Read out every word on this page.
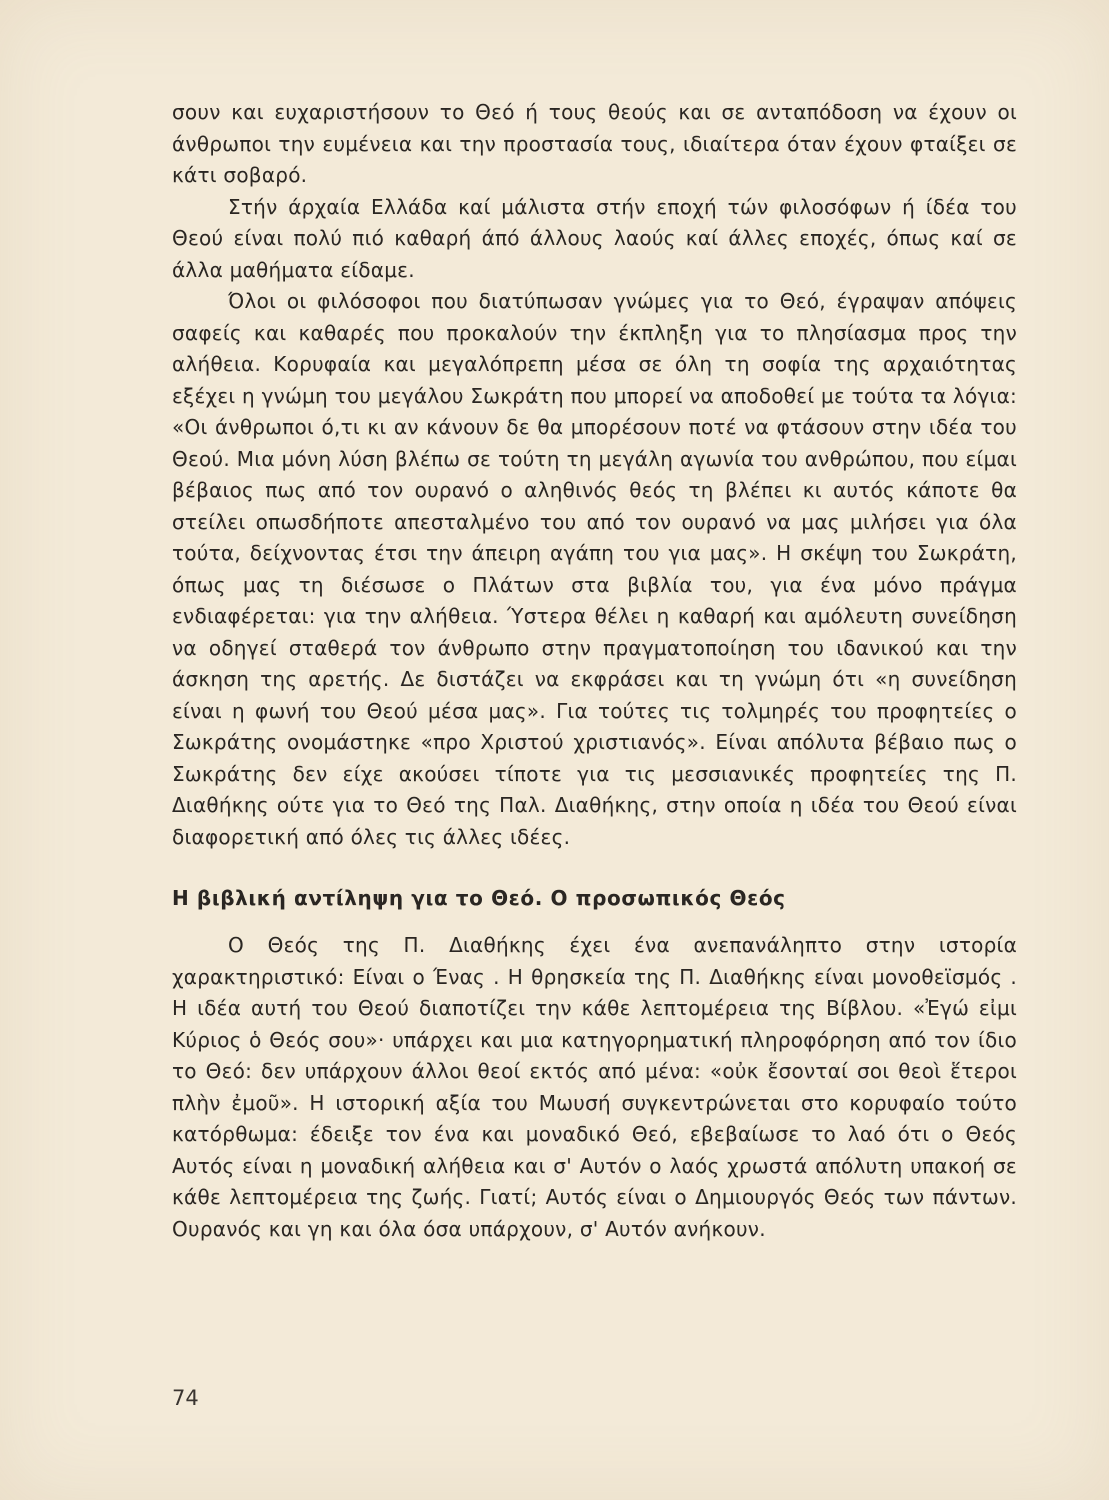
σουν και ευχαριστήσουν το Θεό ή τους θεούς και σε ανταπόδοση να έχουν οι άνθρωποι την ευμένεια και την προστασία τους, ιδιαίτερα όταν έχουν φταίξει σε κάτι σοβαρό.

Στήν άρχαία Ελλάδα καί μάλιστα στήν εποχή τών φιλοσόφων ή ίδέα του Θεού είναι πολύ πιό καθαρή άπό άλλους λαούς καί άλλες εποχές, όπως καί σε άλλα μαθήματα είδαμε.

Όλοι οι φιλόσοφοι που διατύπωσαν γνώμες για το Θεό, έγραψαν απόψεις σαφείς και καθαρές που προκαλούν την έκπληξη για το πλησίασμα προς την αλήθεια. Κορυφαία και μεγαλόπρεπη μέσα σε όλη τη σοφία της αρχαιότητας εξέχει η γνώμη του μεγάλου Σωκράτη που μπορεί να αποδοθεί με τούτα τα λόγια: «Οι άνθρωποι ό,τι κι αν κάνουν δε θα μπορέσουν ποτέ να φτάσουν στην ιδέα του Θεού. Μια μόνη λύση βλέπω σε τούτη τη μεγάλη αγωνία του ανθρώπου, που είμαι βέβαιος πως από τον ουρανό ο αληθινός θεός τη βλέπει κι αυτός κάποτε θα στείλει οπωσδήποτε απεσταλμένο του από τον ουρανό να μας μιλήσει για όλα τούτα, δείχνοντας έτσι την άπειρη αγάπη του για μας». Η σκέψη του Σωκράτη, όπως μας τη διέσωσε ο Πλάτων στα βιβλία του, για ένα μόνο πράγμα ενδιαφέρεται: για την αλήθεια. Ύστερα θέλει η καθαρή και αμόλευτη συνείδηση να οδηγεί σταθερά τον άνθρωπο στην πραγματοποίηση του ιδανικού και την άσκηση της αρετής. Δε διστάζει να εκφράσει και τη γνώμη ότι «η συνείδηση είναι η φωνή του Θεού μέσα μας». Για τούτες τις τολμηρές του προφητείες ο Σωκράτης ονομάστηκε «προ Χριστού χριστιανός». Είναι απόλυτα βέβαιο πως ο Σωκράτης δεν είχε ακούσει τίποτε για τις μεσσιανικές προφητείες της Π. Διαθήκης ούτε για το Θεό της Παλ. Διαθήκης, στην οποία η ιδέα του Θεού είναι διαφορετική από όλες τις άλλες ιδέες.

Η βιβλική αντίληψη για το Θεό. Ο προσωπικός Θεός

Ο Θεός της Π. Διαθήκης έχει ένα ανεπανάληπτο στην ιστορία χαρακτηριστικό: Είναι ο Ένας . Η θρησκεία της Π. Διαθήκης είναι μονοθεϊσμός . Η ιδέα αυτή του Θεού διαποτίζει την κάθε λεπτομέρεια της Βίβλου. «Ἐγώ εἰμι Κύριος ὁ Θεός σου»· υπάρχει και μια κατηγορηματική πληροφόρηση από τον ίδιο το Θεό: δεν υπάρχουν άλλοι θεοί εκτός από μένα: «οὐκ ἔσονταί σοι θεοὶ ἕτεροι πλὴν ἐμοῦ». Η ιστορική αξία του Μωυσή συγκεντρώνεται στο κορυφαίο τούτο κατόρθωμα: έδειξε τον ένα και μοναδικό Θεό, εβεβαίωσε το λαό ότι ο Θεός Αυτός είναι η μοναδική αλήθεια και σ' Αυτόν ο λαός χρωστά απόλυτη υπακοή σε κάθε λεπτομέρεια της ζωής. Γιατί; Αυτός είναι ο Δημιουργός Θεός των πάντων. Ουρανός και γη και όλα όσα υπάρχουν, σ' Αυτόν ανήκουν.

74
